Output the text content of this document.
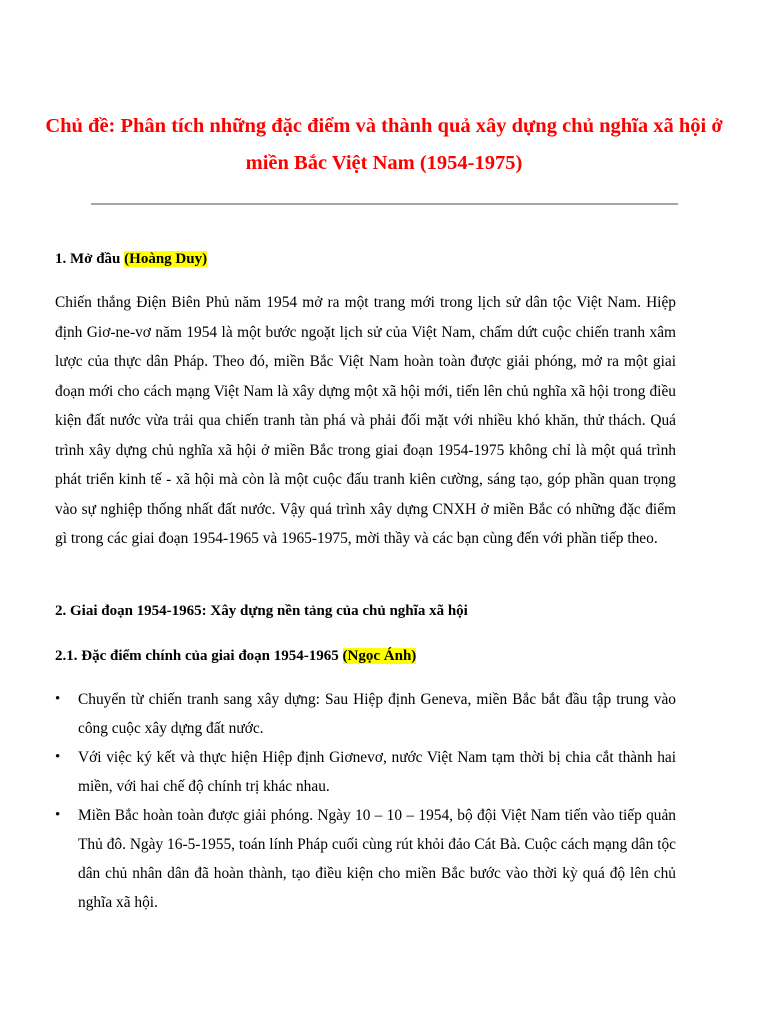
Chủ đề: Phân tích những đặc điểm và thành quả xây dựng chủ nghĩa xã hội ở miền Bắc Việt Nam (1954-1975)

1. Mở đầu (Hoàng Duy)

Chiến thắng Điện Biên Phủ năm 1954 mở ra một trang mới trong lịch sử dân tộc Việt Nam. Hiệp định Giơ-ne-vơ năm 1954 là một bước ngoặt lịch sử của Việt Nam, chấm dứt cuộc chiến tranh xâm lược của thực dân Pháp. Theo đó, miền Bắc Việt Nam hoàn toàn được giải phóng, mở ra một giai đoạn mới cho cách mạng Việt Nam là xây dựng một xã hội mới, tiến lên chủ nghĩa xã hội trong điều kiện đất nước vừa trải qua chiến tranh tàn phá và phải đối mặt với nhiều khó khăn, thử thách. Quá trình xây dựng chủ nghĩa xã hội ở miền Bắc trong giai đoạn 1954-1975 không chỉ là một quá trình phát triển kinh tế - xã hội mà còn là một cuộc đấu tranh kiên cường, sáng tạo, góp phần quan trọng vào sự nghiệp thống nhất đất nước. Vậy quá trình xây dựng CNXH ở miền Bắc có những đặc điểm gì trong các giai đoạn 1954-1965 và 1965-1975, mời thầy và các bạn cùng đến với phần tiếp theo.

2. Giai đoạn 1954-1965: Xây dựng nền tảng của chủ nghĩa xã hội

2.1. Đặc điểm chính của giai đoạn 1954-1965 (Ngọc Ánh)

• Chuyển từ chiến tranh sang xây dựng: Sau Hiệp định Geneva, miền Bắc bắt đầu tập trung vào công cuộc xây dựng đất nước.
• Với việc ký kết và thực hiện Hiệp định Giơnevơ, nước Việt Nam tạm thời bị chia cắt thành hai miền, với hai chế độ chính trị khác nhau.
• Miền Bắc hoàn toàn được giải phóng. Ngày 10 – 10 – 1954, bộ đội Việt Nam tiến vào tiếp quản Thủ đô. Ngày 16-5-1955, toán lính Pháp cuối cùng rút khỏi đảo Cát Bà. Cuộc cách mạng dân tộc dân chủ nhân dân đã hoàn thành, tạo điều kiện cho miền Bắc bước vào thời kỳ quá độ lên chủ nghĩa xã hội.
